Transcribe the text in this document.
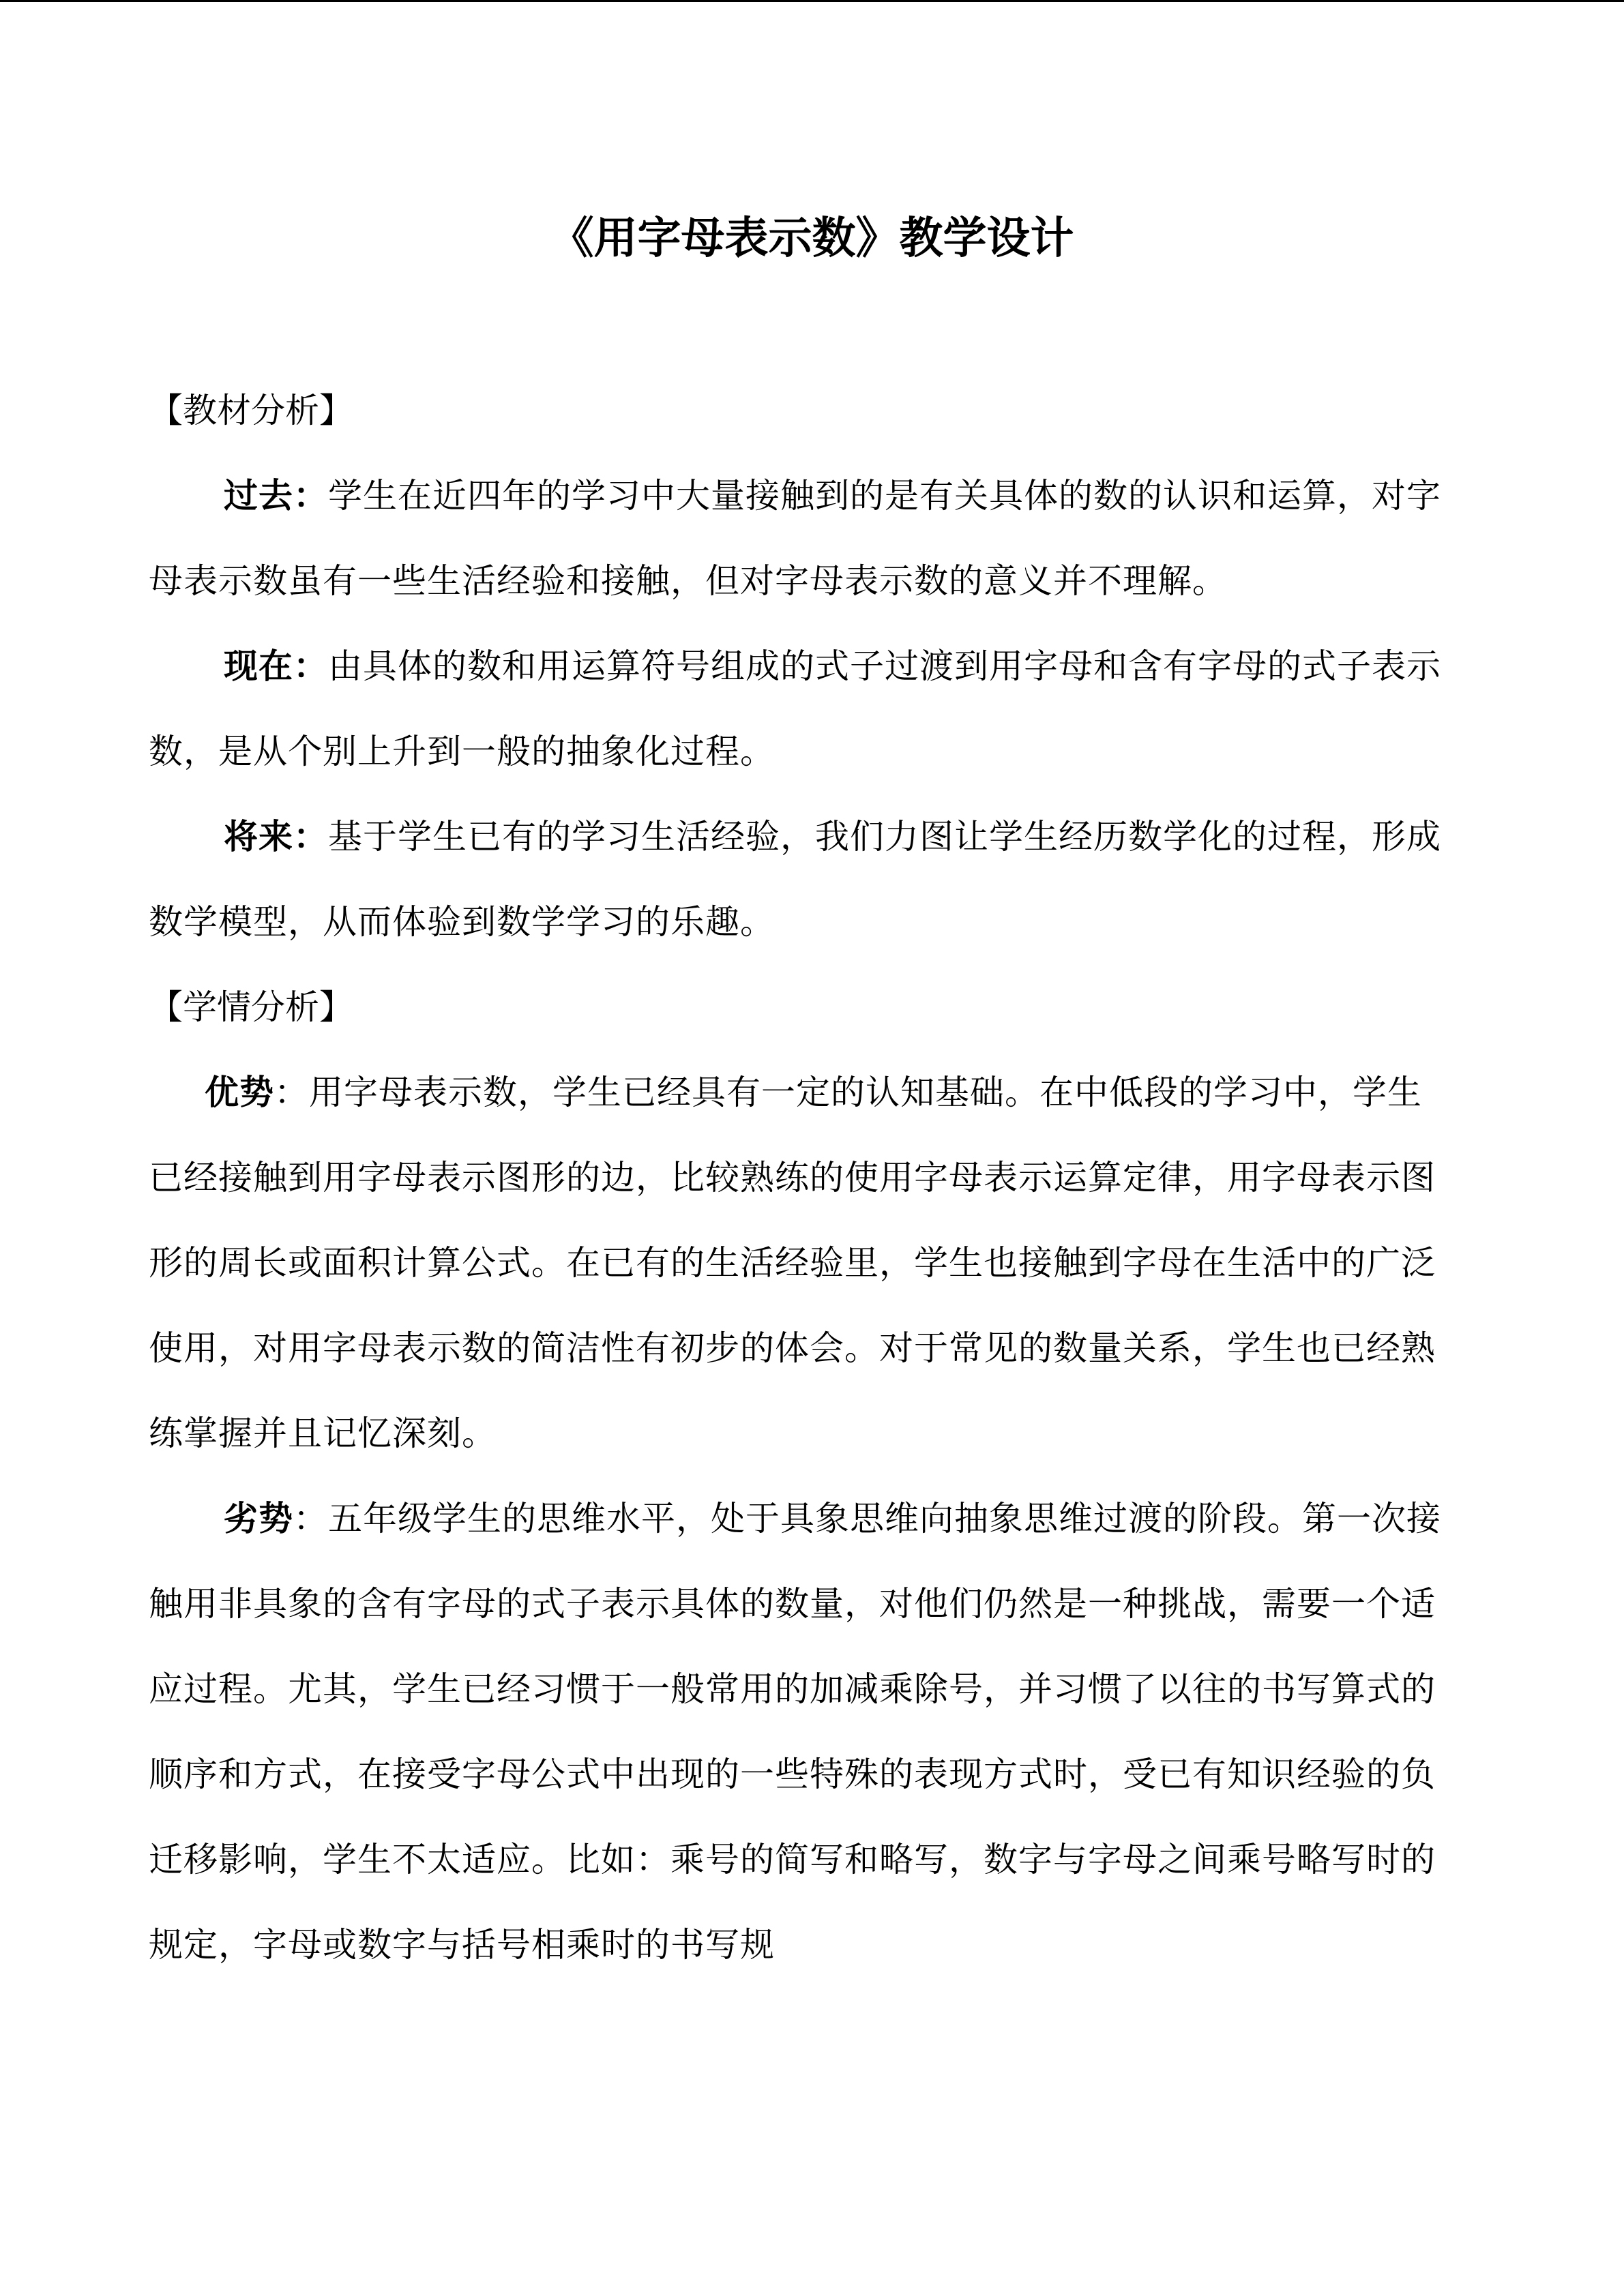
《用字母表示数》教学设计

【教材分析】

过去：学生在近四年的学习中大量接触到的是有关具体的数的认识和运算，对字母表示数虽有一些生活经验和接触，但对字母表示数的意义并不理解。

现在：由具体的数和用运算符号组成的式子过渡到用字母和含有字母的式子表示数，是从个别上升到一般的抽象化过程。

将来：基于学生已有的学习生活经验，我们力图让学生经历数学化的过程，形成数学模型，从而体验到数学学习的乐趣。

【学情分析】

优势：用字母表示数，学生已经具有一定的认知基础。在中低段的学习中，学生已经接触到用字母表示图形的边，比较熟练的使用字母表示运算定律，用字母表示图形的周长或面积计算公式。在已有的生活经验里，学生也接触到字母在生活中的广泛使用，对用字母表示数的简洁性有初步的体会。对于常见的数量关系，学生也已经熟练掌握并且记忆深刻。

劣势：五年级学生的思维水平，处于具象思维向抽象思维过渡的阶段。第一次接触用非具象的含有字母的式子表示具体的数量，对他们仍然是一种挑战，需要一个适应过程。尤其，学生已经习惯于一般常用的加减乘除号，并习惯了以往的书写算式的顺序和方式，在接受字母公式中出现的一些特殊的表现方式时，受已有知识经验的负迁移影响，学生不太适应。比如：乘号的简写和略写，数字与字母之间乘号略写时的规定，字母或数字与括号相乘时的书写规
